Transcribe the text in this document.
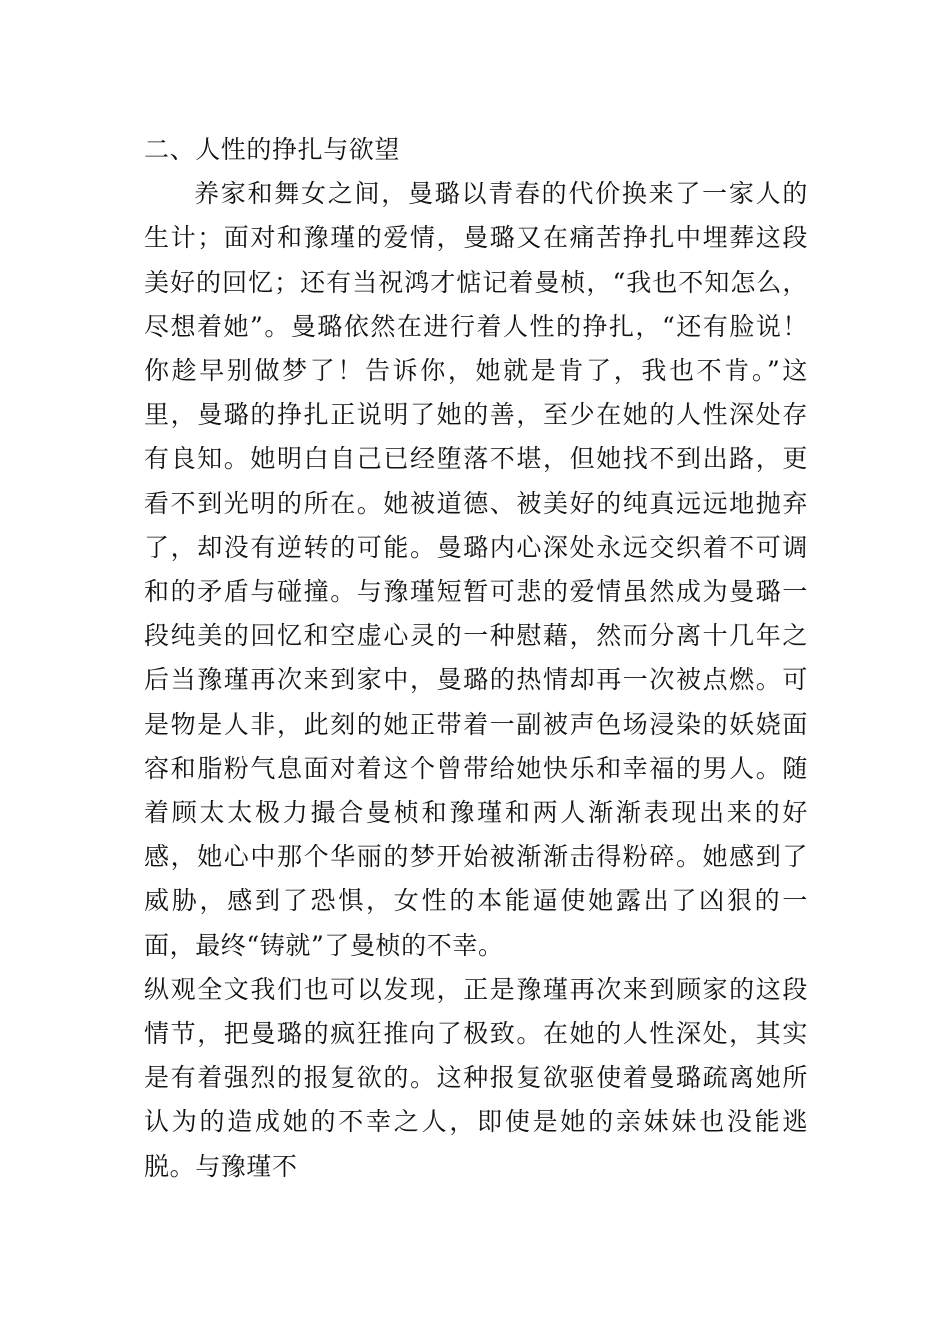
二、人性的挣扎与欲望

养家和舞女之间，曼璐以青春的代价换来了一家人的生计；面对和豫瑾的爱情，曼璐又在痛苦挣扎中埋葬这段美好的回忆；还有当祝鸿才惦记着曼桢，“我也不知怎么，尽想着她”。曼璐依然在进行着人性的挣扎，“还有脸说！你趁早别做梦了！告诉你，她就是肯了，我也不肯。”这里，曼璐的挣扎正说明了她的善，至少在她的人性深处存有良知。她明白自己已经堕落不堪，但她找不到出路，更看不到光明的所在。她被道德、被美好的纯真远远地抛弃了，却没有逆转的可能。曼璐内心深处永远交织着不可调和的矛盾与碰撞。与豫瑾短暂可悲的爱情虽然成为曼璐一段纯美的回忆和空虚心灵的一种慰藉，然而分离十几年之后当豫瑾再次来到家中，曼璐的热情却再一次被点燃。可是物是人非，此刻的她正带着一副被声色场浸染的妖娆面容和脂粉气息面对着这个曾带给她快乐和幸福的男人。随着顾太太极力撮合曼桢和豫瑾和两人渐渐表现出来的好感，她心中那个华丽的梦开始被渐渐击得粉碎。她感到了威胁，感到了恐惧，女性的本能逼使她露出了凶狠的一面，最终“铸就”了曼桢的不幸。

纵观全文我们也可以发现，正是豫瑾再次来到顾家的这段情节，把曼璐的疯狂推向了极致。在她的人性深处，其实是有着强烈的报复欲的。这种报复欲驱使着曼璐疏离她所认为的造成她的不幸之人，即使是她的亲妹妹也没能逃脱。与豫瑾不
